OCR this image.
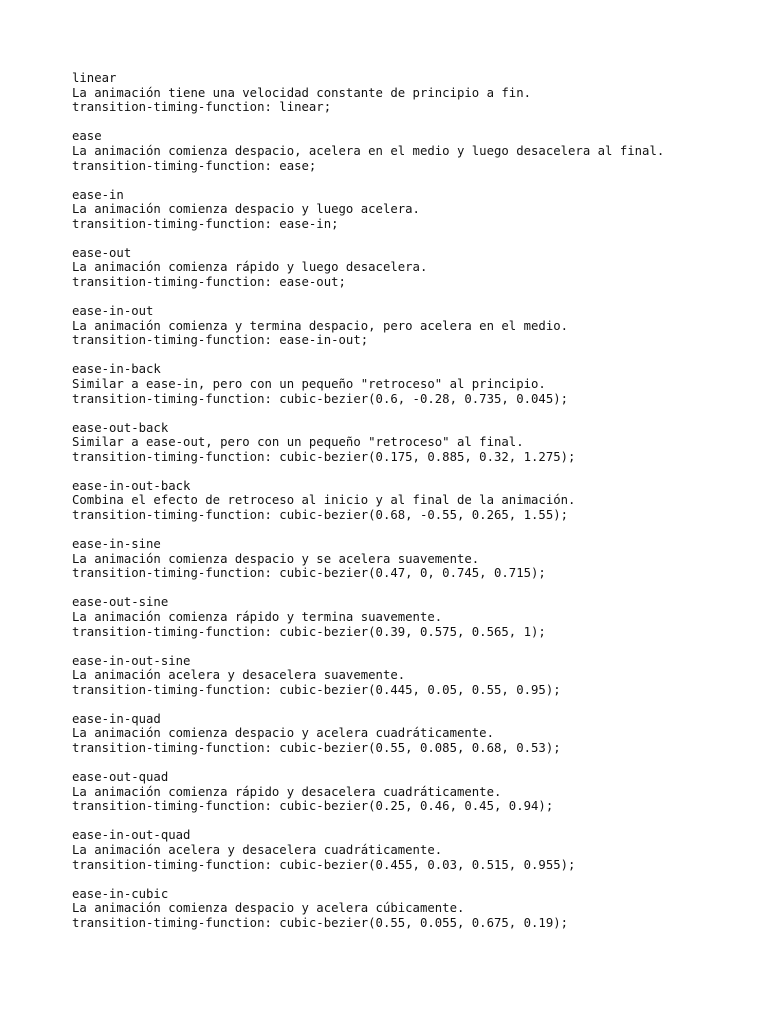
linear
La animación tiene una velocidad constante de principio a fin.
transition-timing-function: linear;
ease
La animación comienza despacio, acelera en el medio y luego desacelera al final.
transition-timing-function: ease;
ease-in
La animación comienza despacio y luego acelera.
transition-timing-function: ease-in;
ease-out
La animación comienza rápido y luego desacelera.
transition-timing-function: ease-out;
ease-in-out
La animación comienza y termina despacio, pero acelera en el medio.
transition-timing-function: ease-in-out;
ease-in-back
Similar a ease-in, pero con un pequeño "retroceso" al principio.
transition-timing-function: cubic-bezier(0.6, -0.28, 0.735, 0.045);
ease-out-back
Similar a ease-out, pero con un pequeño "retroceso" al final.
transition-timing-function: cubic-bezier(0.175, 0.885, 0.32, 1.275);
ease-in-out-back
Combina el efecto de retroceso al inicio y al final de la animación.
transition-timing-function: cubic-bezier(0.68, -0.55, 0.265, 1.55);
ease-in-sine
La animación comienza despacio y se acelera suavemente.
transition-timing-function: cubic-bezier(0.47, 0, 0.745, 0.715);
ease-out-sine
La animación comienza rápido y termina suavemente.
transition-timing-function: cubic-bezier(0.39, 0.575, 0.565, 1);
ease-in-out-sine
La animación acelera y desacelera suavemente.
transition-timing-function: cubic-bezier(0.445, 0.05, 0.55, 0.95);
ease-in-quad
La animación comienza despacio y acelera cuadráticamente.
transition-timing-function: cubic-bezier(0.55, 0.085, 0.68, 0.53);
ease-out-quad
La animación comienza rápido y desacelera cuadráticamente.
transition-timing-function: cubic-bezier(0.25, 0.46, 0.45, 0.94);
ease-in-out-quad
La animación acelera y desacelera cuadráticamente.
transition-timing-function: cubic-bezier(0.455, 0.03, 0.515, 0.955);
ease-in-cubic
La animación comienza despacio y acelera cúbicamente.
transition-timing-function: cubic-bezier(0.55, 0.055, 0.675, 0.19);
